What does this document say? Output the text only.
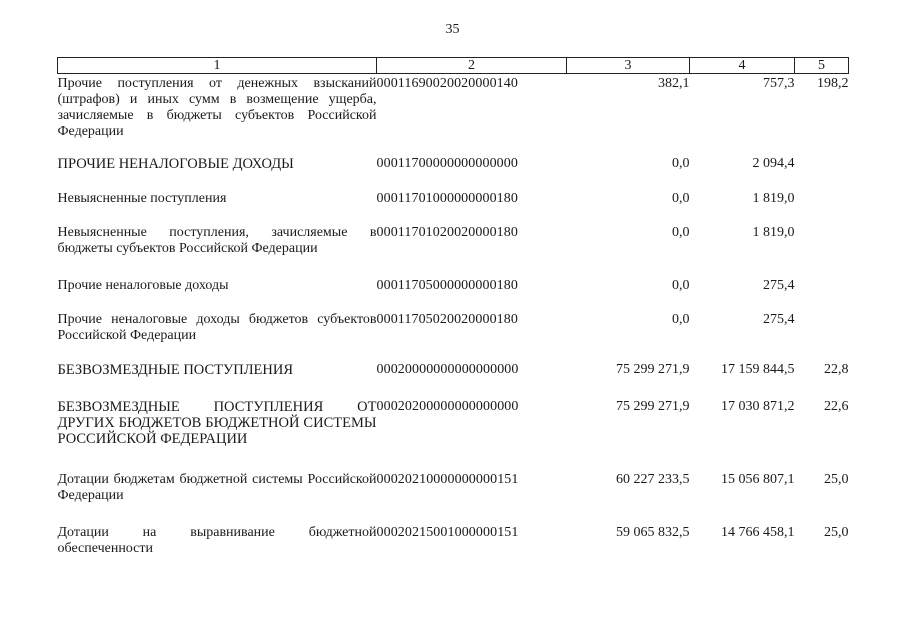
35
1	2	3	4	5
Прочие поступления от денежных взысканий (штрафов) и иных сумм в возмещение ущерба, зачисляемые в бюджеты субъектов Российской Федерации	00011690020020000140	382,1	757,3	198,2
ПРОЧИЕ НЕНАЛОГОВЫЕ ДОХОДЫ	00011700000000000000	0,0	2 094,4	
Невыясненные поступления	00011701000000000180	0,0	1 819,0	
Невыясненные поступления, зачисляемые в бюджеты субъектов Российской Федерации	00011701020020000180	0,0	1 819,0	
Прочие неналоговые доходы	00011705000000000180	0,0	275,4	
Прочие неналоговые доходы бюджетов субъектов Российской Федерации	00011705020020000180	0,0	275,4	
БЕЗВОЗМЕЗДНЫЕ ПОСТУПЛЕНИЯ	00020000000000000000	75 299 271,9	17 159 844,5	22,8
БЕЗВОЗМЕЗДНЫЕ ПОСТУПЛЕНИЯ ОТ ДРУГИХ БЮДЖЕТОВ БЮДЖЕТНОЙ СИСТЕМЫ РОССИЙСКОЙ ФЕДЕРАЦИИ	00020200000000000000	75 299 271,9	17 030 871,2	22,6
Дотации бюджетам бюджетной системы Российской Федерации	00020210000000000151	60 227 233,5	15 056 807,1	25,0
Дотации на выравнивание бюджетной обеспеченности	00020215001000000151	59 065 832,5	14 766 458,1	25,0
